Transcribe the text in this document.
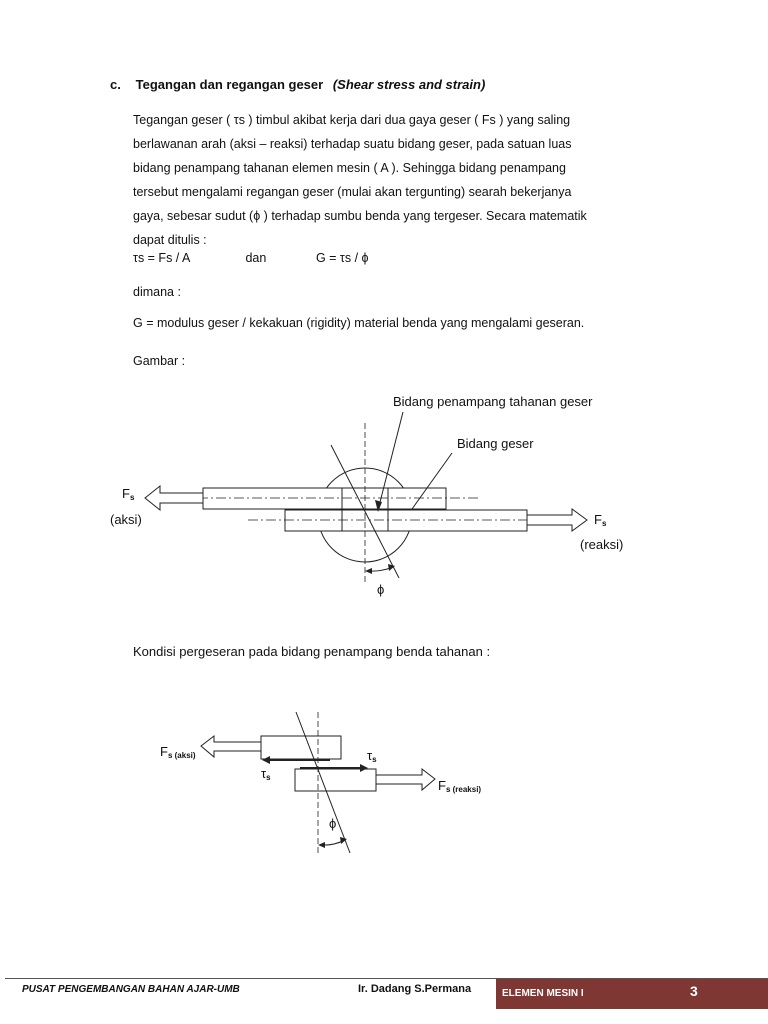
c. Tegangan dan regangan geser (Shear stress and strain)

Tegangan geser ( τs ) timbul akibat kerja dari dua gaya geser ( Fs ) yang saling

berlawanan arah (aksi – reaksi) terhadap suatu bidang geser, pada satuan luas

bidang penampang tahanan elemen mesin ( A ). Sehingga bidang penampang

tersebut mengalami regangan geser (mulai akan tergunting) searah bekerjanya

gaya, sebesar sudut (ϕ ) terhadap sumbu benda yang tergeser. Secara matematik

dapat ditulis :

τs = Fs / A	dan	G = τs / ϕ
dimana :
G = modulus geser / kekakuan (rigidity) material benda yang mengalami geseran.
Gambar :
Bidang penampang tahanan geser
Bidang geser
$F_s$
(aksi)	$F_s$
(reaksi)
ϕ
Kondisi pergeseran pada bidang penampang benda tahanan :
$F_{s (aksi)}$
$F_{s (reaksi)}$
$\tau_s$
$\tau_s$
ϕ
PUSAT PENGEMBANGAN BAHAN AJAR-UMB	Ir. Dadang S.Permana	ELEMEN MESIN I	3
